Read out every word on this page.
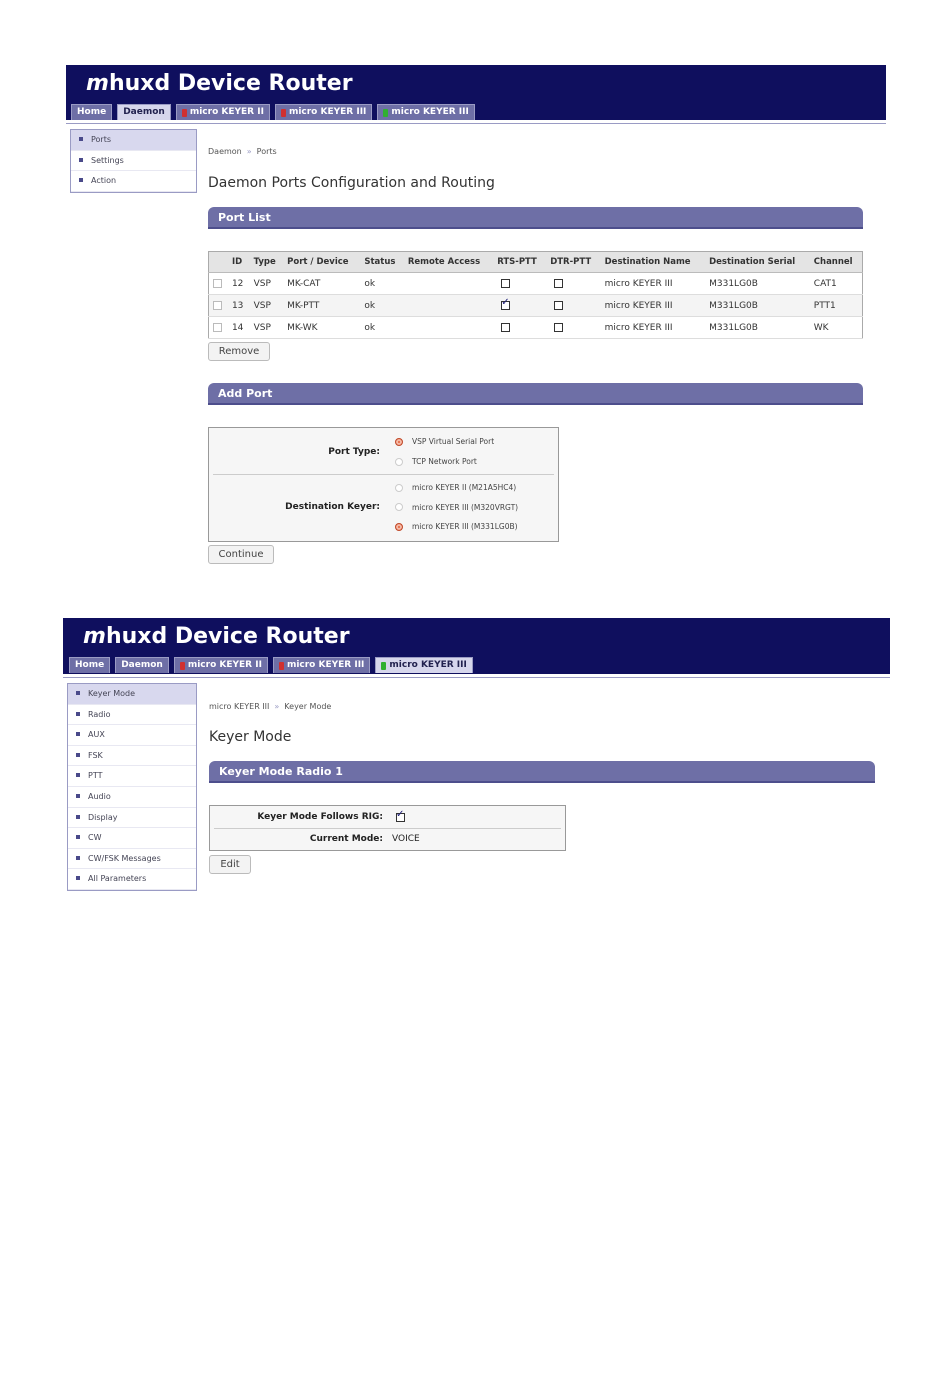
mhuxd Device Router
Home Daemon	micro KEYER II	micro KEYER III	micro KEYER III
Ports
Settings
Action
Daemon » Ports
Daemon Ports Configuration and Routing
Port List
	ID	Type	Port / Device	Status	Remote Access	RTS-PTT	DTR-PTT	Destination Name	Destination Serial	Channel
	12	VSP	MK-CAT	ok				micro KEYER III	M331LG0B	CAT1
	13	VSP	MK-PTT	ok		✓		micro KEYER III	M331LG0B	PTT1
	14	VSP	MK-WK	ok				micro KEYER III	M331LG0B	WK
Remove
Add Port
Port Type:
VSP Virtual Serial Port
TCP Network Port
Destination Keyer:
micro KEYER II (M21A5HC4)
micro KEYER III (M320VRGT)
micro KEYER III (M331LG0B)
Continue
mhuxd Device Router
Home Daemon	micro KEYER II	micro KEYER III	micro KEYER III
Keyer Mode
Radio
AUX
FSK
PTT
Audio
Display
CW
CW/FSK Messages
All Parameters
micro KEYER III » Keyer Mode
Keyer Mode
Keyer Mode Radio 1
Keyer Mode Follows RIG:
✓
Current Mode: VOICE
Edit
